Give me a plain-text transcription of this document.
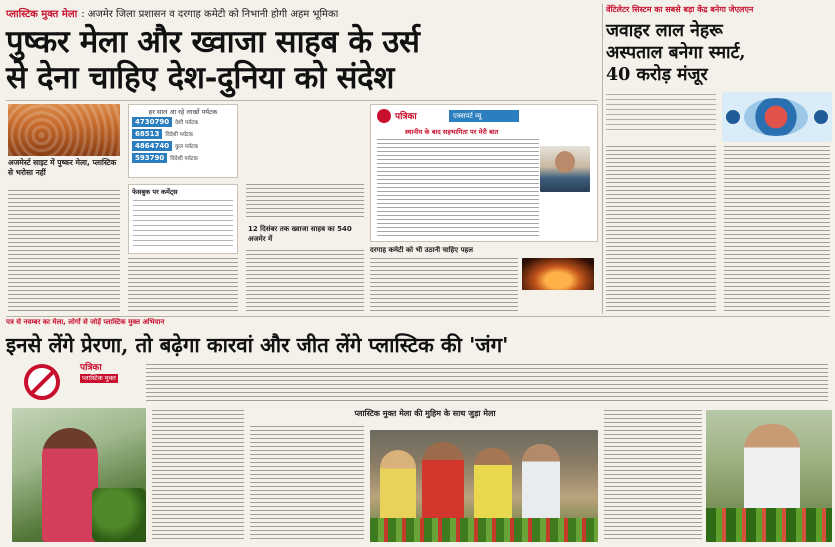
प्लास्टिक मुक्त मेला : अजमेर जिला प्रशासन व दरगाह कमेटी को निभानी होगी अहम भूमिका
पुष्कर मेला और ख्वाजा साहब के उर्स
से देना चाहिए देश-दुनिया को संदेश
वेंटिलेटर सिस्टम का सबसे बड़ा केंद्र बनेगा जेएलएन
जवाहर लाल नेहरू
अस्पताल बनेगा स्मार्ट,
40 करोड़ मंजूर
अजमेर्स्ट साइट में पुष्कर मेला, प्लास्टिक से भरोसा नहीं
हर साल आ रहे लाखों पर्यटक
4730790	देशी पर्यटक
68513	विदेशी पर्यटक
4864740	कुल पर्यटक
593790	विदेशी पर्यटक
फेसबुक पर कमेंट्स
12 दिसंबर तक ख्वाजा साहब का 540 अजमेर में
पत्रिका	एक्सपर्ट व्यू
स्थानीय के बाद सहभागिता पर मेरी बात
दरगाह कमेटी को भी उठानी चाहिए पहल
पत्र से नवम्बर का मेला, लोगों से जोड़ें प्लास्टिक मुक्त अभियान
इनसे लेंगे प्रेरणा, तो बढ़ेगा कारवां और जीत लेंगे प्लास्टिक की 'जंग'
पत्रिका
प्लास्टिक मुक्त
प्लास्टिक मुक्त मेला की मुहिम के साथ जुड़ा मेला
